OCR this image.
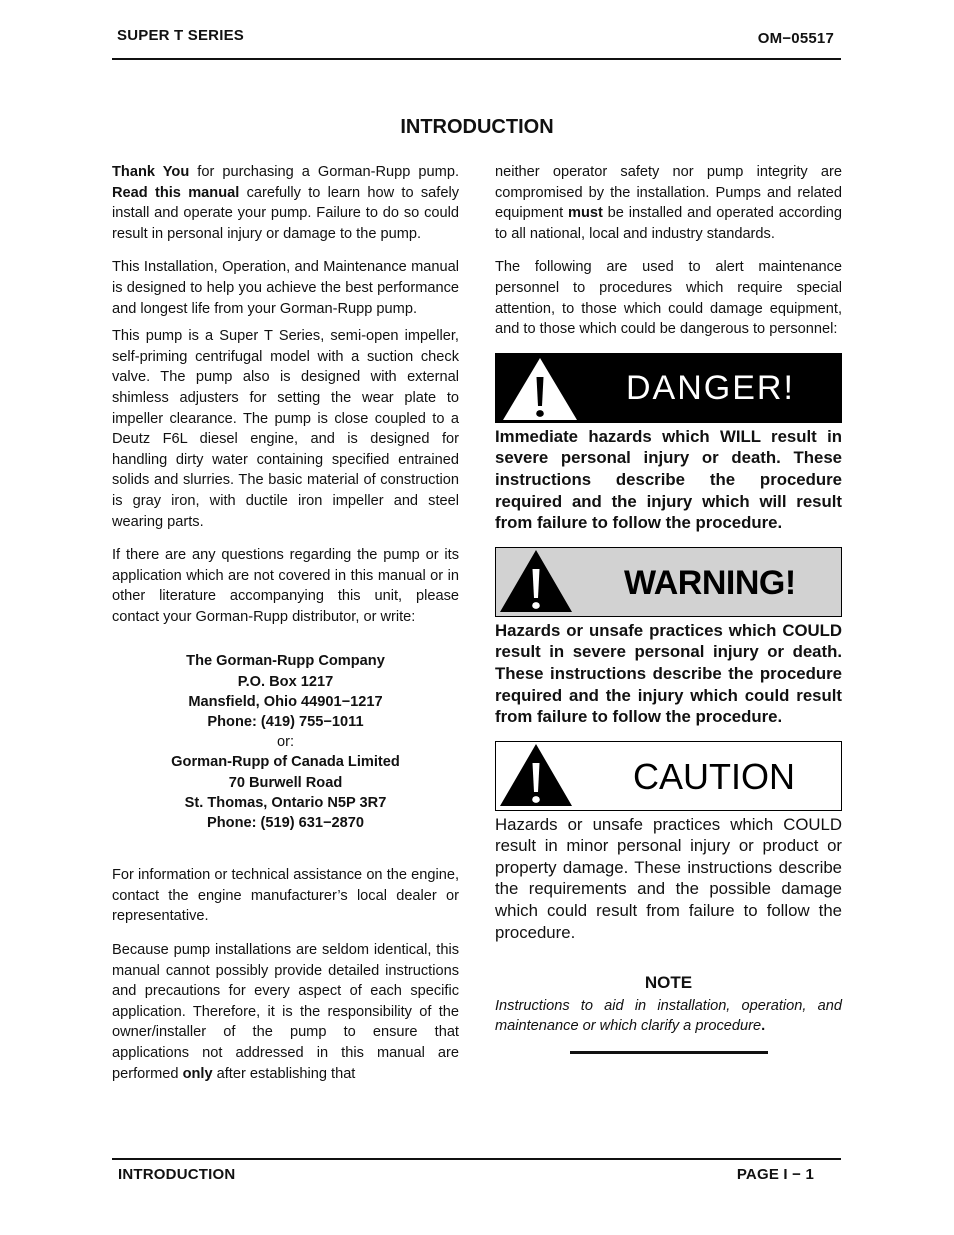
SUPER T SERIES	OM−05517
INTRODUCTION

Thank You for purchasing a Gorman-Rupp pump. Read this manual carefully to learn how to safely install and operate your pump. Failure to do so could result in personal injury or damage to the pump.

This Installation, Operation, and Maintenance manual is designed to help you achieve the best performance and longest life from your Gorman-Rupp pump.

This pump is a Super T Series, semi-open impeller, self-priming centrifugal model with a suction check valve. The pump also is designed with external shimless adjusters for setting the wear plate to impeller clearance. The pump is close coupled to a Deutz F6L diesel engine, and is designed for handling dirty water containing specified entrained solids and slurries. The basic material of construction is gray iron, with ductile iron impeller and steel wearing parts.

If there are any questions regarding the pump or its application which are not covered in this manual or in other literature accompanying this unit, please contact your Gorman-Rupp distributor, or write:

The Gorman-Rupp Company
P.O. Box 1217
Mansfield, Ohio 44901−1217
Phone: (419) 755−1011
or:
Gorman-Rupp of Canada Limited
70 Burwell Road
St. Thomas, Ontario N5P 3R7
Phone: (519) 631−2870

For information or technical assistance on the engine, contact the engine manufacturer’s local dealer or representative.

Because pump installations are seldom identical, this manual cannot possibly provide detailed instructions and precautions for every aspect of each specific application. Therefore, it is the responsibility of the owner/installer of the pump to ensure that applications not addressed in this manual are performed only after establishing that

neither operator safety nor pump integrity are compromised by the installation. Pumps and related equipment must be installed and operated according to all national, local and industry standards.

The following are used to alert maintenance personnel to procedures which require special attention, to those which could damage equipment, and to those which could be dangerous to personnel:

DANGER!
Immediate hazards which WILL result in severe personal injury or death. These instructions describe the procedure required and the injury which will result from failure to follow the procedure.
WARNING!
Hazards or unsafe practices which COULD result in severe personal injury or death. These instructions describe the procedure required and the injury which could result from failure to follow the procedure.
CAUTION
Hazards or unsafe practices which COULD result in minor personal injury or product or property damage. These instructions describe the requirements and the possible damage which could result from failure to follow the procedure.
NOTE
Instructions to aid in installation, operation, and maintenance or which clarify a procedure.
INTRODUCTION	PAGE I − 1
